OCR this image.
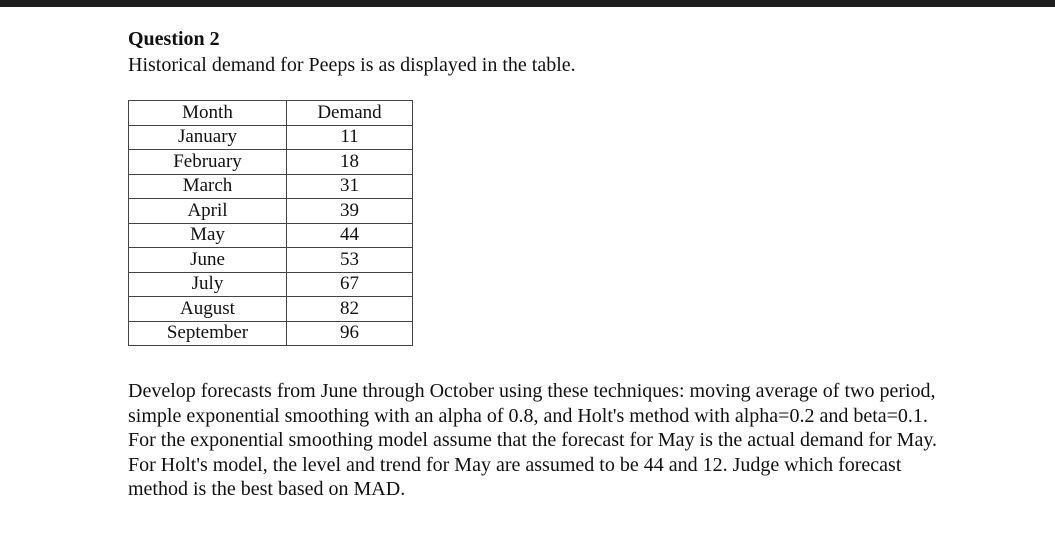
Question 2

Historical demand for Peeps is as displayed in the table.

Month	Demand
January	11
February	18
March	31
April	39
May	44
June	53
July	67
August	82
September	96

Develop forecasts from June through October using these techniques: moving average of two period, simple exponential smoothing with an alpha of 0.8, and Holt's method with alpha=0.2 and beta=0.1. For the exponential smoothing model assume that the forecast for May is the actual demand for May. For Holt's model, the level and trend for May are assumed to be 44 and 12. Judge which forecast method is the best based on MAD.
